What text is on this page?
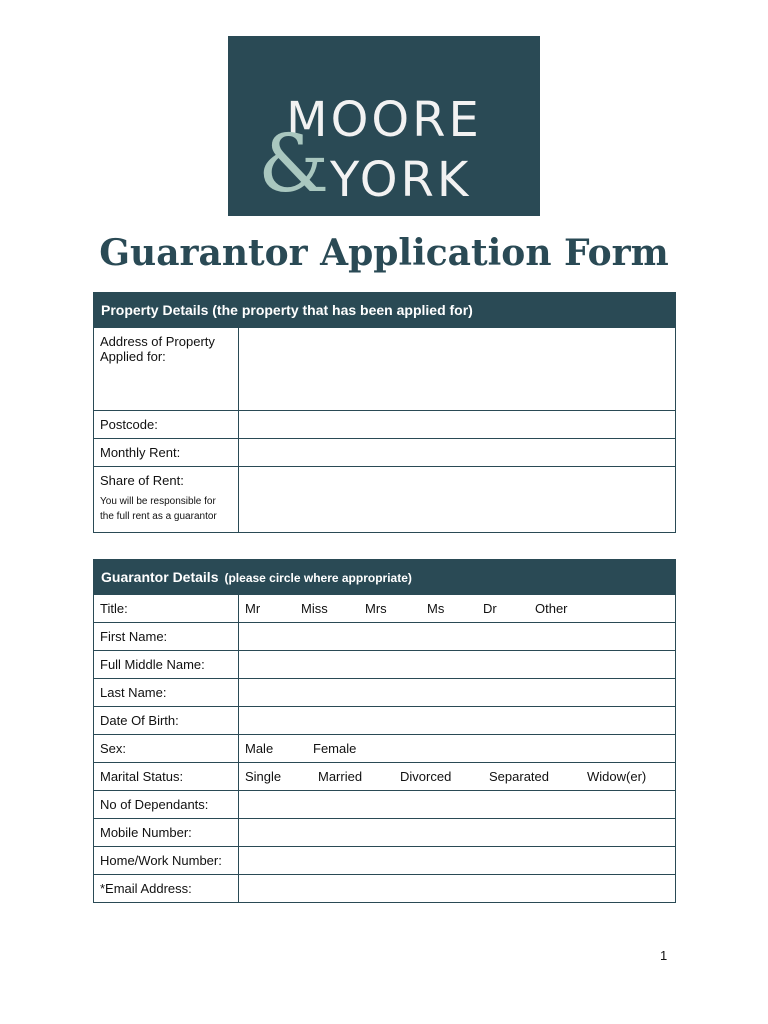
MOORE
& YORK
Guarantor Application Form
Property Details (the property that has been applied for)	
Address of Property Applied for:	
Postcode:	
Monthly Rent:	
Share of Rent:
You will be responsible for the full rent as a guarantor	

Guarantor Details (please circle where appropriate)	
Title:	Mr Miss Mrs Ms Dr Other
First Name:	
Full Middle Name:	
Last Name:	
Date Of Birth:	
Sex:	Male Female
Marital Status:	Single Married Divorced Separated Widow(er)
No of Dependants:	
Mobile Number:	
Home/Work Number:	
*Email Address:	
1
